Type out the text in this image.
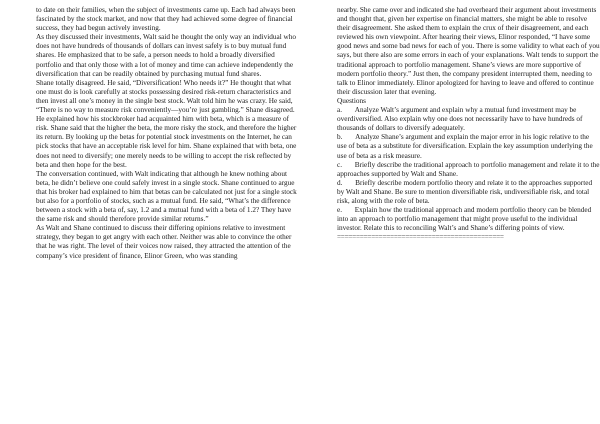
to date on their families, when the subject of investments came up. Each had always been fascinated by the stock market, and now that they had achieved some degree of financial success, they had begun actively investing.

As they discussed their investments, Walt said he thought the only way an individual who does not have hundreds of thousands of dollars can invest safely is to buy mutual fund shares. He emphasized that to be safe, a person needs to hold a broadly diversified portfolio and that only those with a lot of money and time can achieve independently the diversification that can be readily obtained by purchasing mutual fund shares.

Shane totally disagreed. He said, “Diversification! Who needs it?” He thought that what one must do is look carefully at stocks possessing desired risk-return characteristics and then invest all one’s money in the single best stock. Walt told him he was crazy. He said, “There is no way to measure risk conveniently—you’re just gambling.” Shane disagreed. He explained how his stockbroker had acquainted him with beta, which is a measure of risk. Shane said that the higher the beta, the more risky the stock, and therefore the higher its return. By looking up the betas for potential stock investments on the Internet, he can pick stocks that have an acceptable risk level for him. Shane explained that with beta, one does not need to diversify; one merely needs to be willing to accept the risk reflected by beta and then hope for the best.

The conversation continued, with Walt indicating that although he knew nothing about beta, he didn’t believe one could safely invest in a single stock. Shane continued to argue that his broker had explained to him that betas can be calculated not just for a single stock but also for a portfolio of stocks, such as a mutual fund. He said, “What’s the difference between a stock with a beta of, say, 1.2 and a mutual fund with a beta of 1.2? They have the same risk and should therefore provide similar returns.”

As Walt and Shane continued to discuss their differing opinions relative to investment strategy, they began to get angry with each other. Neither was able to convince the other that he was right. The level of their voices now raised, they attracted the attention of the company’s vice president of finance, Elinor Green, who was standing

nearby. She came over and indicated she had overheard their argument about investments and thought that, given her expertise on financial matters, she might be able to resolve their disagreement. She asked them to explain the crux of their disagreement, and each reviewed his own viewpoint. After hearing their views, Elinor responded, “I have some good news and some bad news for each of you. There is some validity to what each of you says, but there also are some errors in each of your explanations. Walt tends to support the traditional approach to portfolio management. Shane’s views are more supportive of modern portfolio theory.” Just then, the company president interrupted them, needing to talk to Elinor immediately. Elinor apologized for having to leave and offered to continue their discussion later that evening.

Questions

a.       Analyze Walt’s argument and explain why a mutual fund investment may be overdiversified. Also explain why one does not necessarily have to have hundreds of thousands of dollars to diversify adequately.

b.       Analyze Shane’s argument and explain the major error in his logic relative to the use of beta as a substitute for diversification. Explain the key assumption underlying the use of beta as a risk measure.

c.       Briefly describe the traditional approach to portfolio management and relate it to the approaches supported by Walt and Shane.

d.       Briefly describe modern portfolio theory and relate it to the approaches supported by Walt and Shane. Be sure to mention diversifiable risk, undiversifiable risk, and total risk, along with the role of beta.

e.       Explain how the traditional approach and modern portfolio theory can be blended into an approach to portfolio management that might prove useful to the individual investor. Relate this to reconciling Walt’s and Shane’s differing points of view.

============================================
